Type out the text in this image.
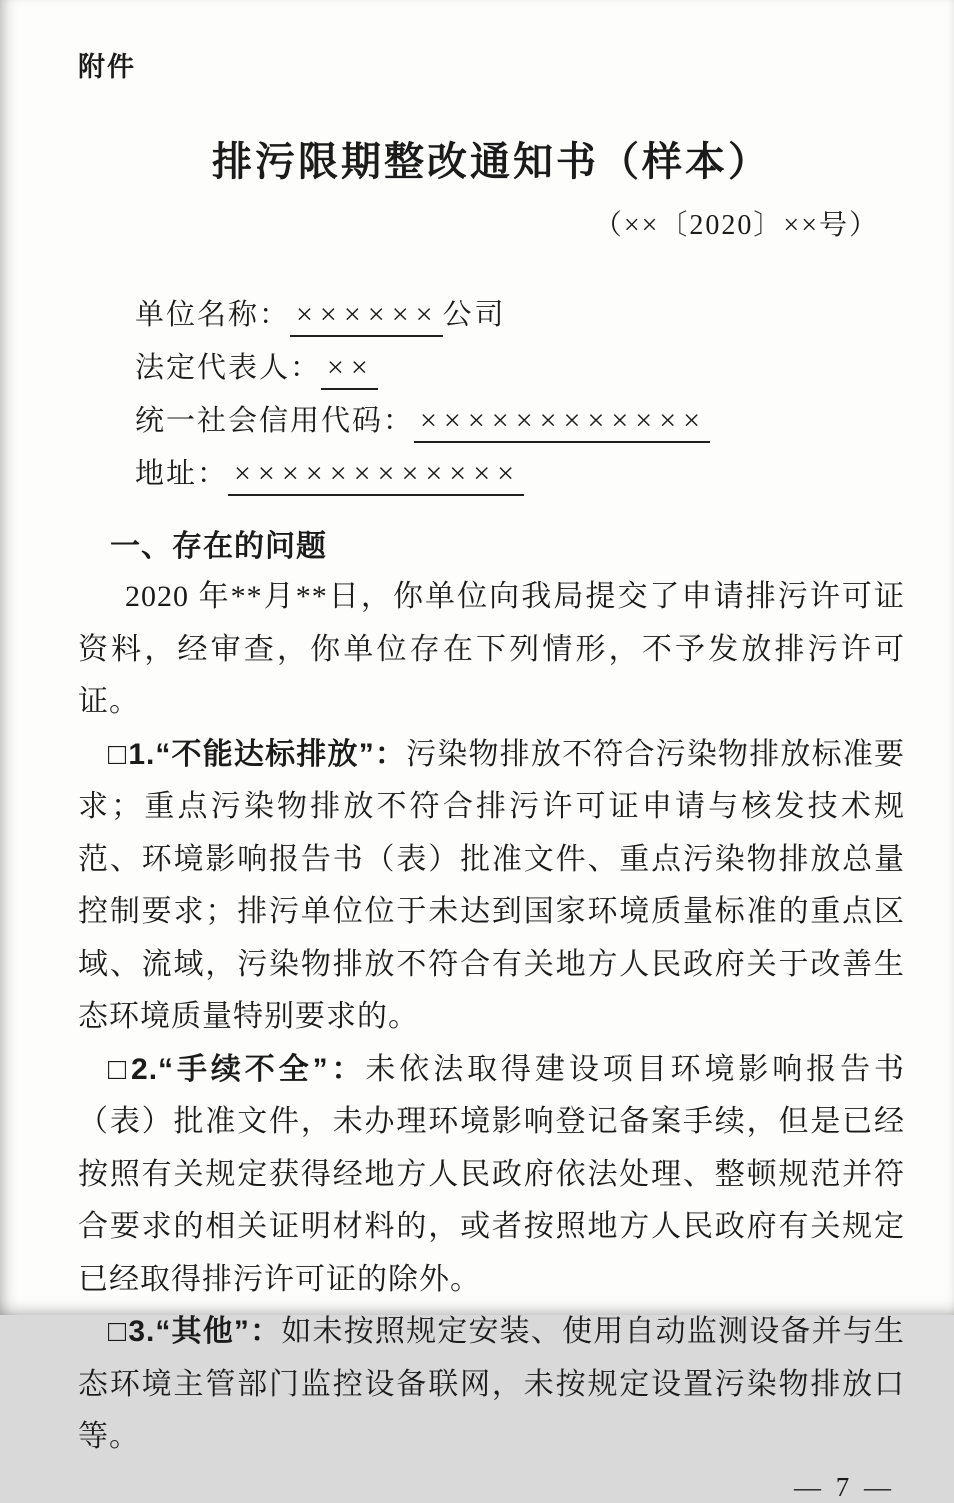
附件
排污限期整改通知书（样本）
（××〔2020〕××号）
单位名称： ×××××× 公司
法定代表人： ××
统一社会信用代码： ××××××××××××
地址： ××××××××××××
一、存在的问题

2020 年**月**日，你单位向我局提交了申请排污许可证资料，经审查，你单位存在下列情形，不予发放排污许可证。

□1.“不能达标排放”：污染物排放不符合污染物排放标准要求；重点污染物排放不符合排污许可证申请与核发技术规范、环境影响报告书（表）批准文件、重点污染物排放总量控制要求；排污单位位于未达到国家环境质量标准的重点区域、流域，污染物排放不符合有关地方人民政府关于改善生态环境质量特别要求的。

□2.“手续不全”：未依法取得建设项目环境影响报告书（表）批准文件，未办理环境影响登记备案手续，但是已经按照有关规定获得经地方人民政府依法处理、整顿规范并符合要求的相关证明材料的，或者按照地方人民政府有关规定已经取得排污许可证的除外。

□3.“其他”：如未按照规定安装、使用自动监测设备并与生态环境主管部门监控设备联网，未按规定设置污染物排放口等。

— 7 —
